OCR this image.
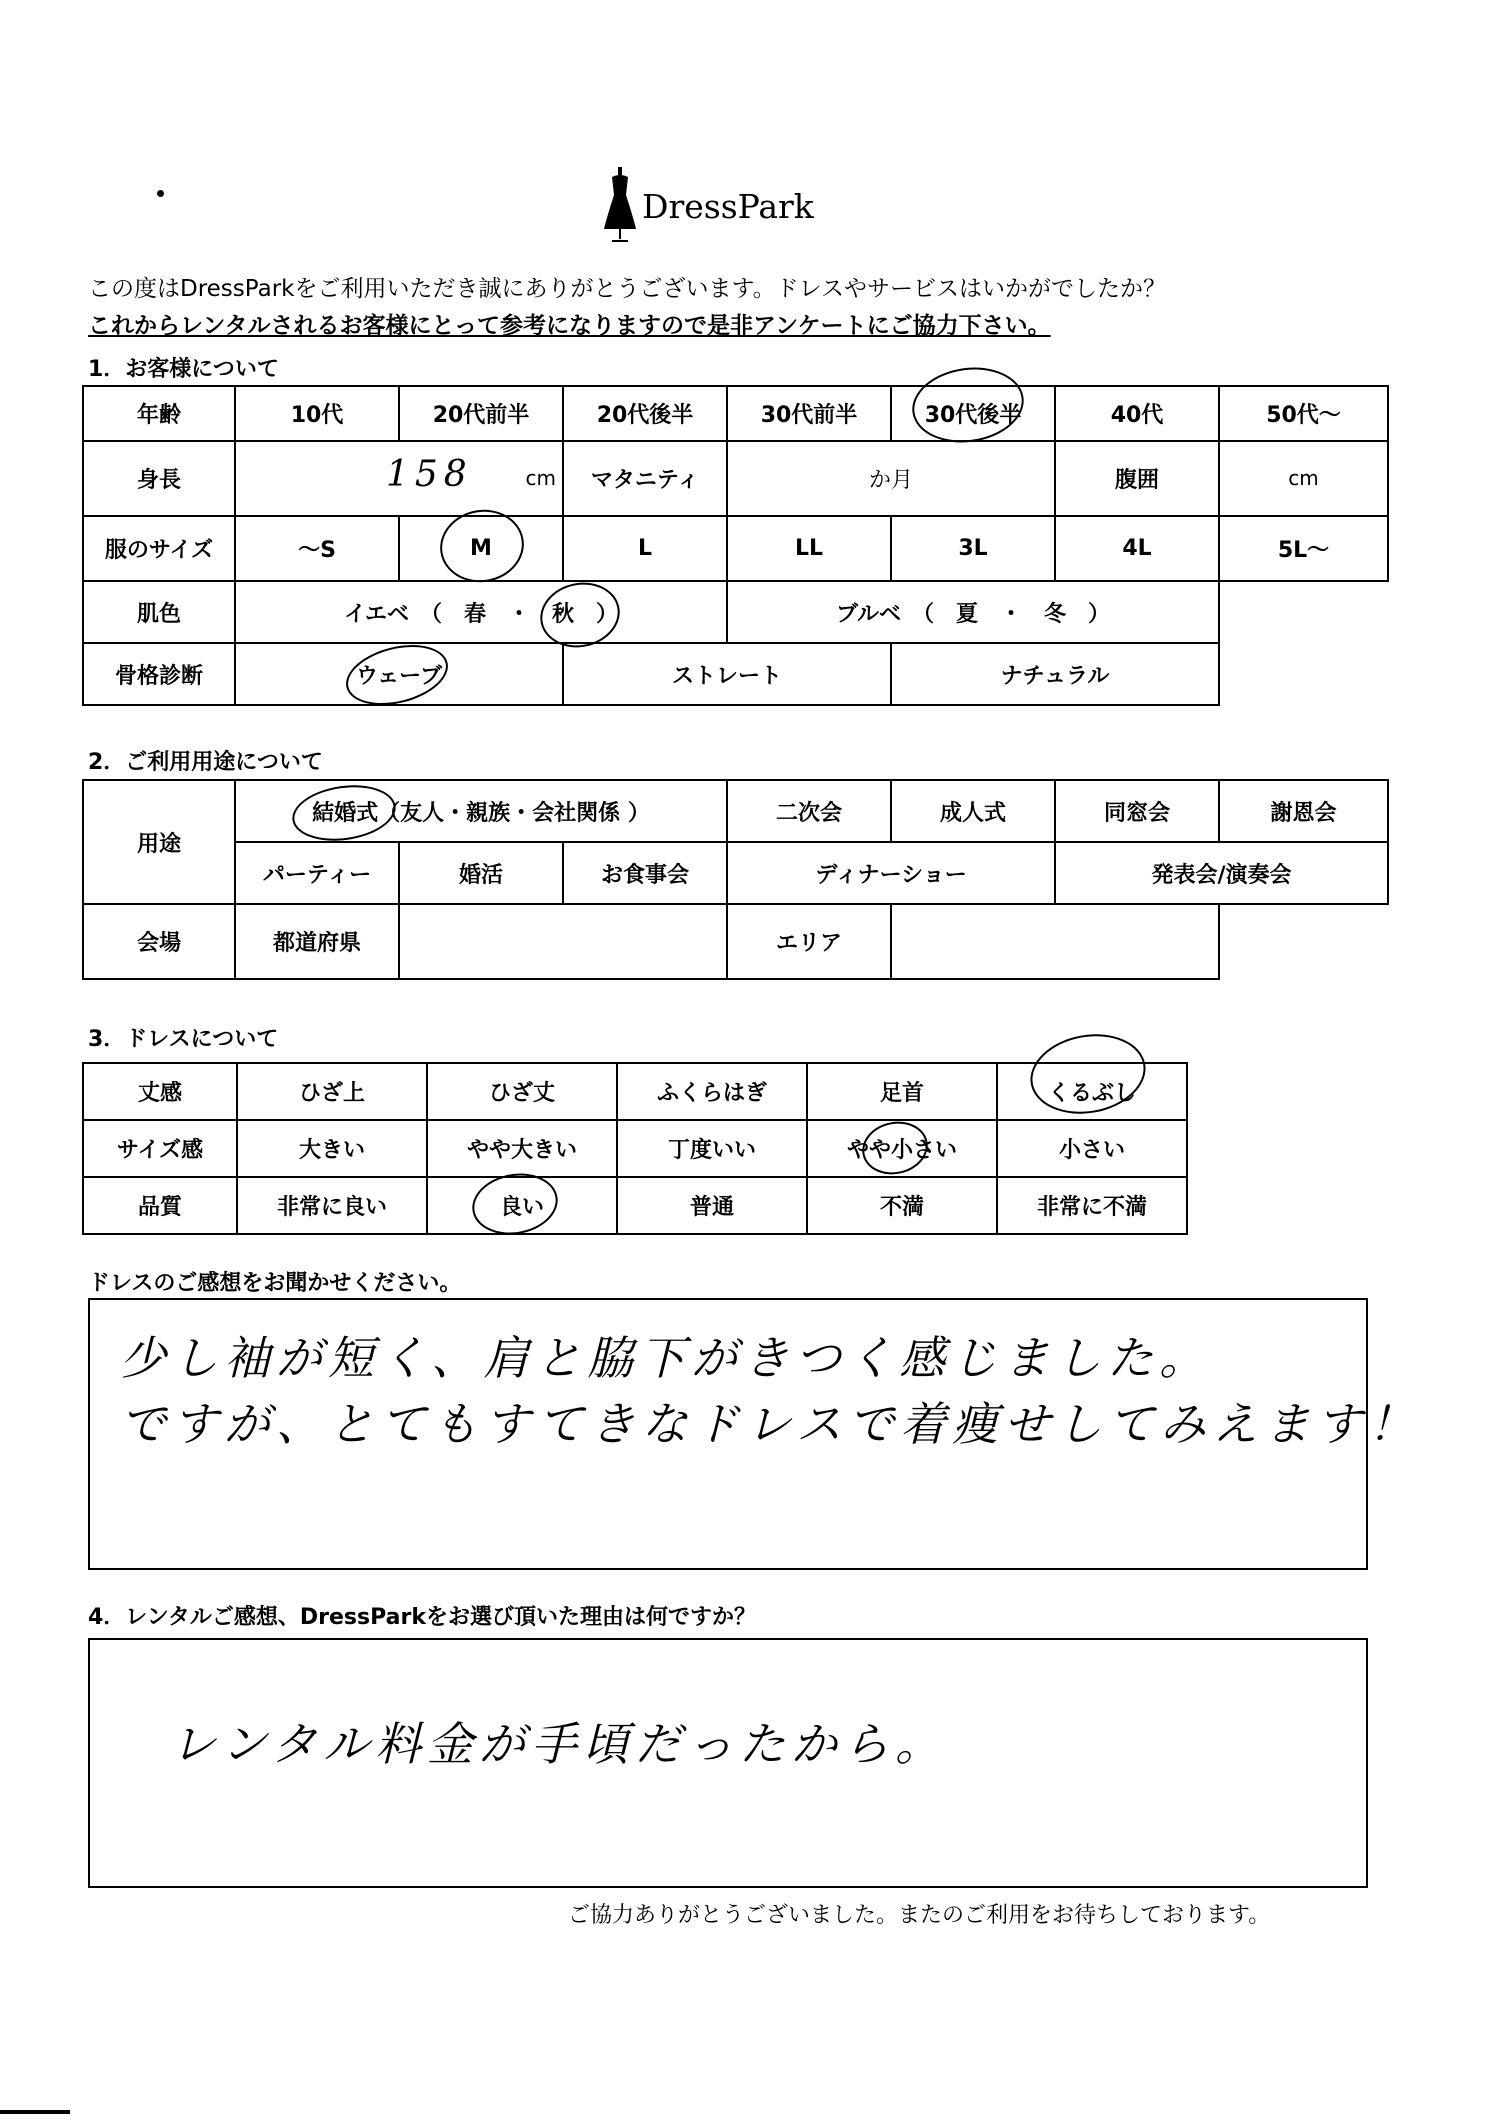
DressPark
この度はDressParkをご利用いただき誠にありがとうございます。ドレスやサービスはいかがでしたか？
これからレンタルされるお客様にとって参考になりますので是非アンケートにご協力下さい。
1．お客様について
年齢	10代	20代前半	20代後半	30代前半	30代後半	40代	50代〜
身長	158 cm		マタニティ	か月		腹囲	cm
服のサイズ	〜S	M	L	LL	3L	4L	5L〜
肌色	イエベ　（　春　・　秋　）			ブルベ　（　夏　・　冬　）			
骨格診断	ウェーブ		ストレート		ナチュラル		
2．ご利用用途について
用途	結婚式（友人・親族・会社関係 ）			二次会	成人式	同窓会	謝恩会
	パーティー	婚活	お食事会	ディナーショー		発表会/演奏会	
会場	都道府県			エリア			
3．ドレスについて
丈感	ひざ上	ひざ丈	ふくらはぎ	足首	くるぶし
サイズ感	大きい	やや大きい	丁度いい	やや小さい	小さい
品質	非常に良い	良い	普通	不満	非常に不満
ドレスのご感想をお聞かせください。
少し袖が短く、肩と脇下がきつく感じました。
ですが、とてもすてきなドレスで着痩せしてみえます！
4．レンタルご感想、DressParkをお選び頂いた理由は何ですか？
レンタル料金が手頃だったから。
ご協力ありがとうございました。またのご利用をお待ちしております。
